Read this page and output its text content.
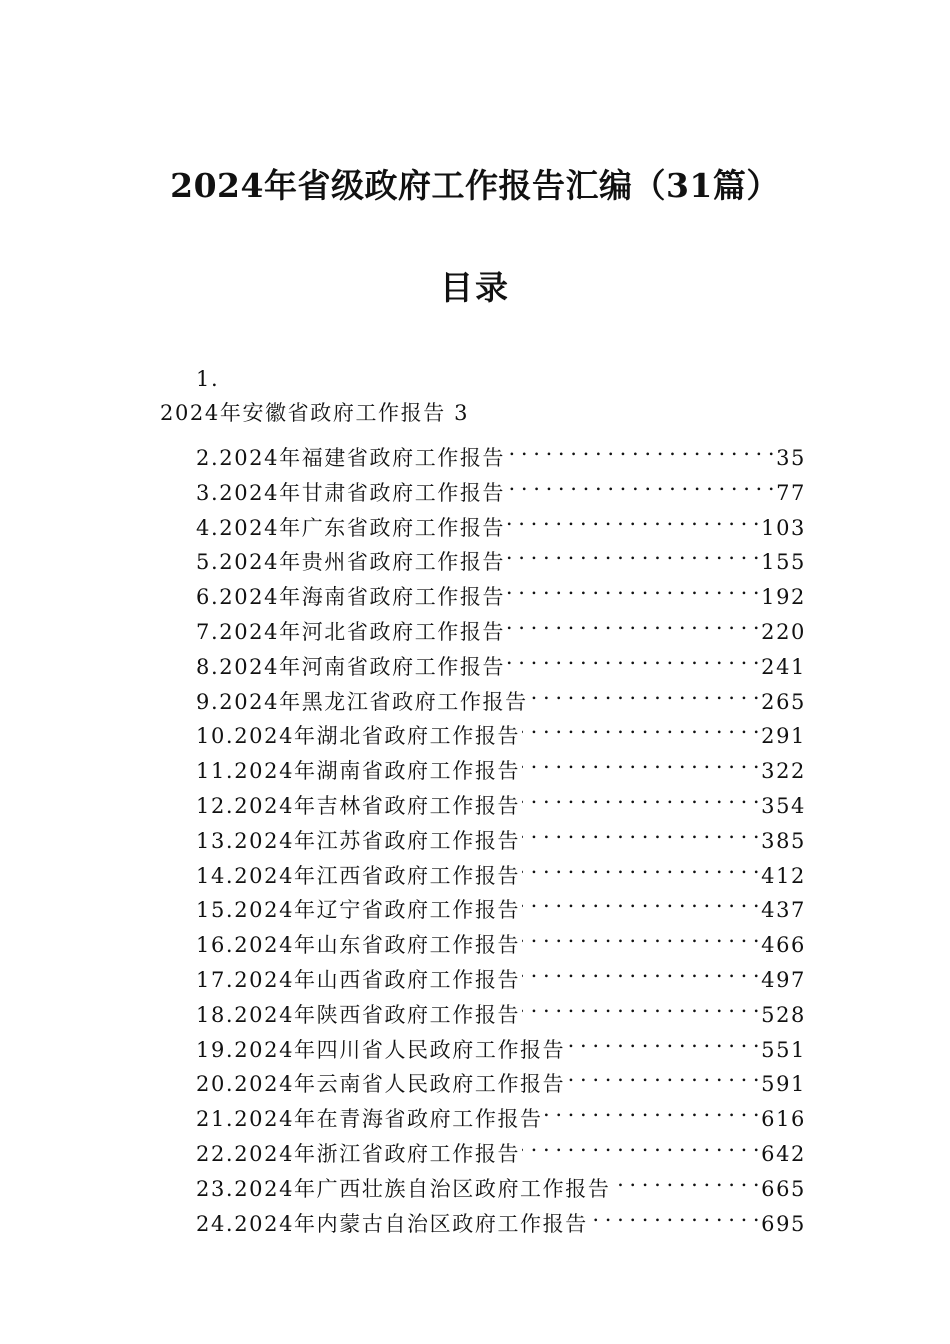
2024年省级政府工作报告汇编（31篇）
目录
1.
2024年安徽省政府工作报告 3
2. 2024年福建省政府工作报告 . . .	35
3. 2024年甘肃省政府工作报告 . . .	77
4. 2024年广东省政府工作报告 . . .	103
5. 2024年贵州省政府工作报告 . . .	155
6. 2024年海南省政府工作报告 . . .	192
7. 2024年河北省政府工作报告 . . .	220
8. 2024年河南省政府工作报告 . . .	241
9. 2024年黑龙江省政府工作报告 . . .	265
10. 2024年湖北省政府工作报告 . . .	291
11. 2024年湖南省政府工作报告 . . .	322
12. 2024年吉林省政府工作报告 . . .	354
13. 2024年江苏省政府工作报告 . . .	385
14. 2024年江西省政府工作报告 . . .	412
15. 2024年辽宁省政府工作报告 . . .	437
16. 2024年山东省政府工作报告 . . .	466
17. 2024年山西省政府工作报告 . . .	497
18. 2024年陕西省政府工作报告 . . .	528
19. 2024年四川省人民政府工作报告 . . .	551
20. 2024年云南省人民政府工作报告 . . .	591
21. 2024年在青海省政府工作报告 . . .	616
22. 2024年浙江省政府工作报告 . . .	642
23. 2024年广西壮族自治区政府工作报告 . . .	665
24. 2024年内蒙古自治区政府工作报告 . . .	695
